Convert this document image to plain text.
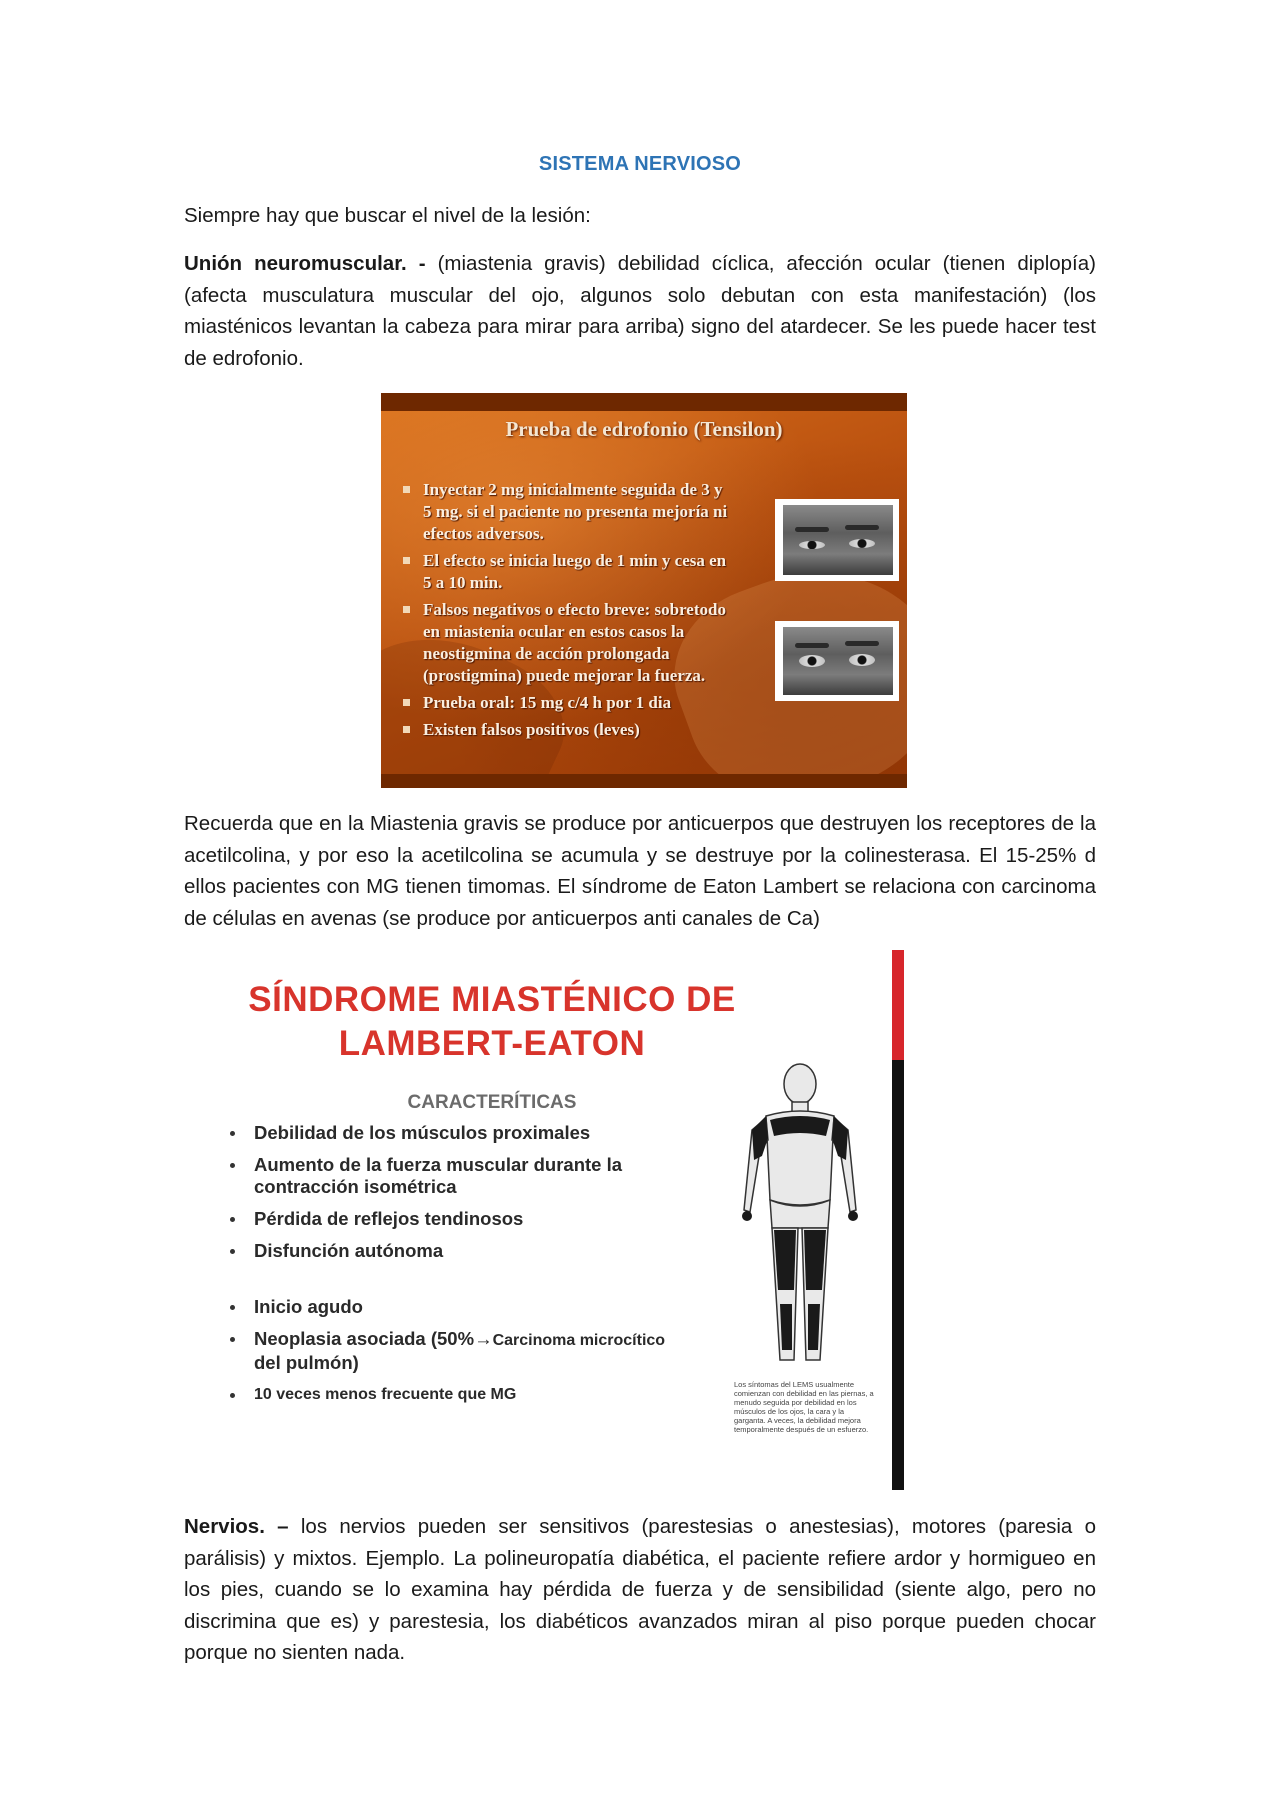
SISTEMA NERVIOSO

Siempre hay que buscar el nivel de la lesión:

Unión neuromuscular. - (miastenia gravis) debilidad cíclica, afección ocular (tienen diplopía) (afecta musculatura muscular del ojo, algunos solo debutan con esta manifestación) (los miasténicos levantan la cabeza para mirar para arriba) signo del atardecer. Se les puede hacer test de edrofonio.

Prueba de edrofonio (Tensilon)
Inyectar 2 mg inicialmente seguida de 3 y 5 mg. si el paciente no presenta mejoría ni efectos adversos.
El efecto se inicia luego de 1 min y cesa en 5 a 10 min.
Falsos negativos o efecto breve: sobretodo en miastenia ocular en estos casos la neostigmina de acción prolongada (prostigmina) puede mejorar la fuerza.
Prueba oral: 15 mg c/4 h por 1 dia
Existen falsos positivos (leves)

Recuerda que en la Miastenia gravis se produce por anticuerpos que destruyen los receptores de la acetilcolina, y por eso la acetilcolina se acumula y se destruye por la colinesterasa. El 15-25% d ellos pacientes con MG tienen timomas. El síndrome de Eaton Lambert se relaciona con carcinoma de células en avenas (se produce por anticuerpos anti canales de Ca)

SÍNDROME MIASTÉNICO DE
LAMBERT-EATON
CARACTERÍTICAS
Debilidad de los músculos proximales
Aumento de la fuerza muscular durante la contracción isométrica
Pérdida de reflejos tendinosos
Disfunción autónoma
Inicio agudo
Neoplasia asociada (50%→Carcinoma microcítico
del pulmón)
10 veces menos frecuente que MG
Los síntomas del LEMS usualmente comienzan con debilidad en las piernas, a menudo seguida por debilidad en los músculos de los ojos, la cara y la garganta. A veces, la debilidad mejora temporalmente después de un esfuerzo.

Nervios. – los nervios pueden ser sensitivos (parestesias o anestesias), motores (paresia o parálisis) y mixtos. Ejemplo. La polineuropatía diabética, el paciente refiere ardor y hormigueo en los pies, cuando se lo examina hay pérdida de fuerza y de sensibilidad (siente algo, pero no discrimina que es) y parestesia, los diabéticos avanzados miran al piso porque pueden chocar porque no sienten nada.
